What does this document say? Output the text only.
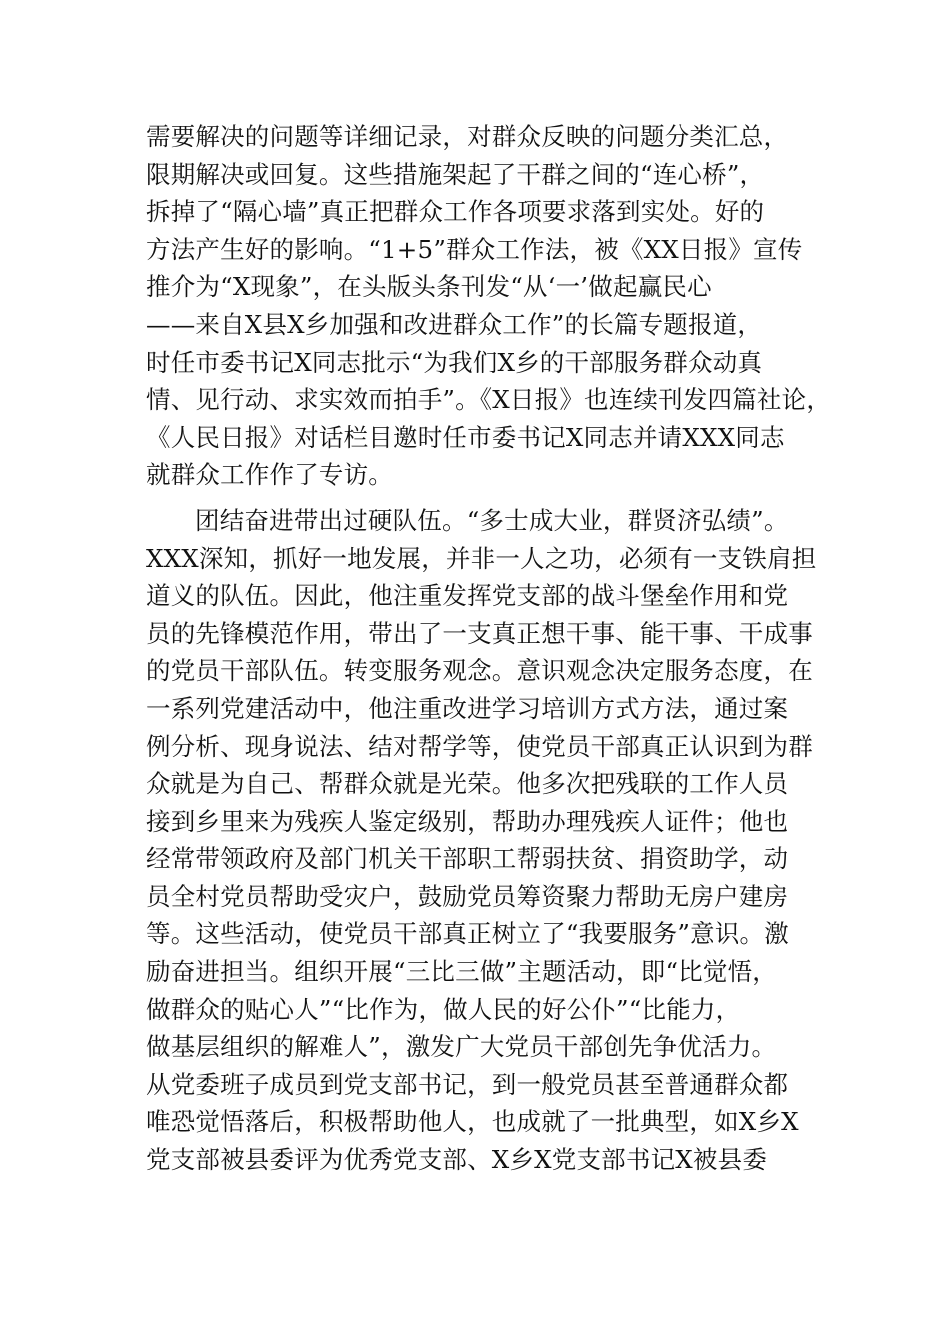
需要解决的问题等详细记录，对群众反映的问题分类汇总，
限期解决或回复。这些措施架起了干群之间的“连心桥”，
拆掉了“隔心墙”真正把群众工作各项要求落到实处。好的
方法产生好的影响。“1+5”群众工作法，被《XX日报》宣传
推介为“X现象”，在头版头条刊发“从‘一’做起赢民心
——来自X县X乡加强和改进群众工作”的长篇专题报道，
时任市委书记X同志批示“为我们X乡的干部服务群众动真
情、见行动、求实效而拍手”。《X日报》也连续刊发四篇社论，
《人民日报》对话栏目邀时任市委书记X同志并请XXX同志
就群众工作作了专访。
团结奋进带出过硬队伍。“多士成大业，群贤济弘绩”。
XXX深知，抓好一地发展，并非一人之功，必须有一支铁肩担
道义的队伍。因此，他注重发挥党支部的战斗堡垒作用和党
员的先锋模范作用，带出了一支真正想干事、能干事、干成事
的党员干部队伍。转变服务观念。意识观念决定服务态度，在
一系列党建活动中，他注重改进学习培训方式方法，通过案
例分析、现身说法、结对帮学等，使党员干部真正认识到为群
众就是为自己、帮群众就是光荣。他多次把残联的工作人员
接到乡里来为残疾人鉴定级别，帮助办理残疾人证件；他也
经常带领政府及部门机关干部职工帮弱扶贫、捐资助学，动
员全村党员帮助受灾户，鼓励党员筹资聚力帮助无房户建房
等。这些活动，使党员干部真正树立了“我要服务”意识。激
励奋进担当。组织开展“三比三做”主题活动，即“比觉悟，
做群众的贴心人”“比作为，做人民的好公仆”“比能力，
做基层组织的解难人”，激发广大党员干部创先争优活力。
从党委班子成员到党支部书记，到一般党员甚至普通群众都
唯恐觉悟落后，积极帮助他人，也成就了一批典型，如X乡X
党支部被县委评为优秀党支部、X乡X党支部书记X被县委
